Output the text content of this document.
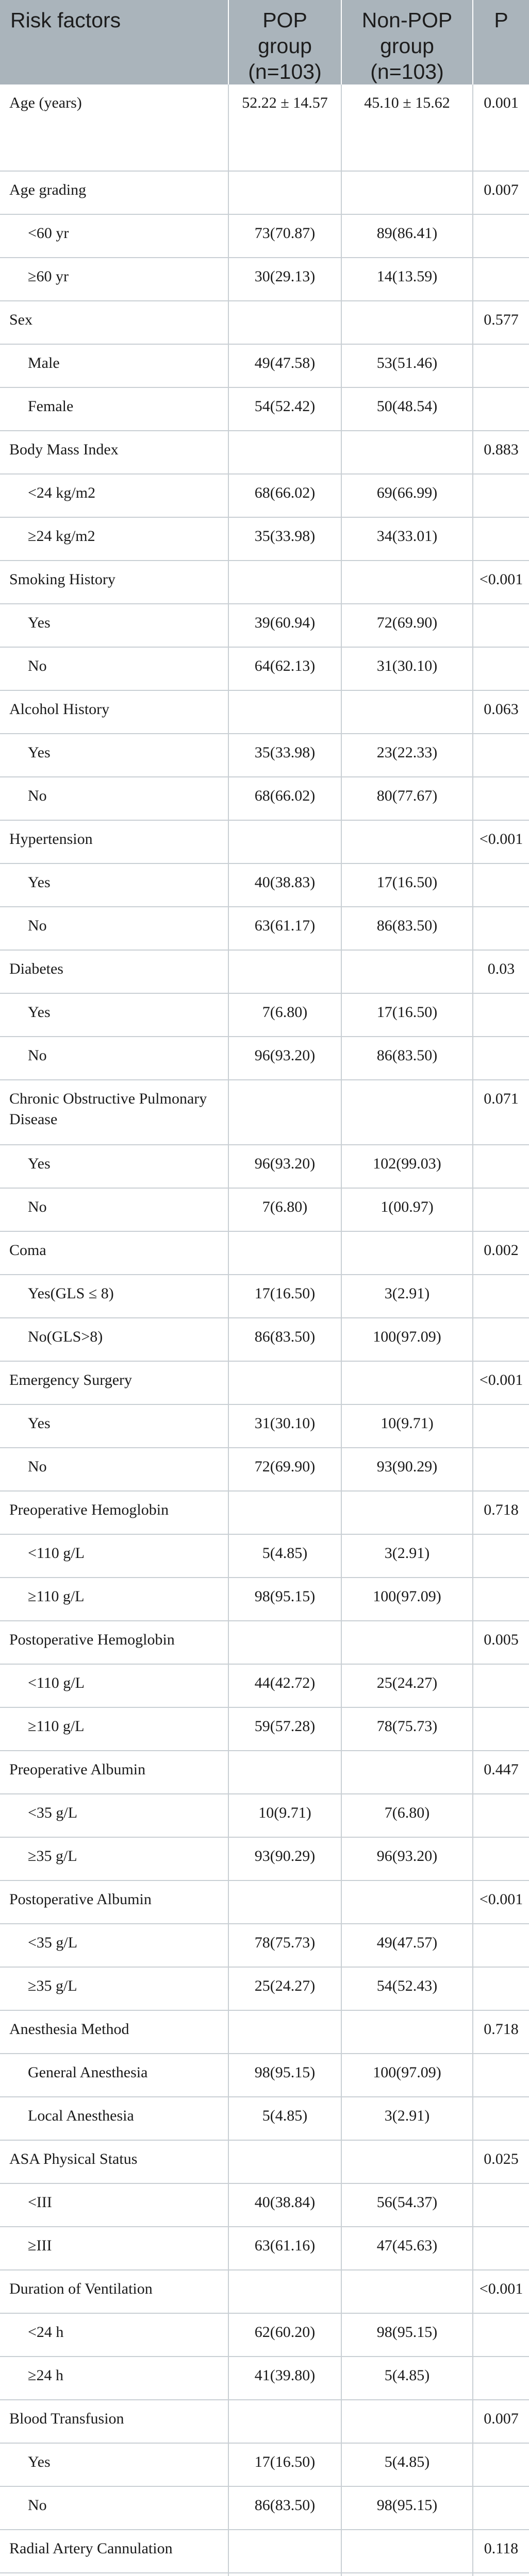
Risk factors	POP group (n=103)	Non-POP group (n=103)	P
Age (years)	52.22 ± 14.57	45.10 ± 15.62	0.001
Age grading			0.007
<60 yr	73(70.87)	89(86.41)	
≥60 yr	30(29.13)	14(13.59)	
Sex			0.577
Male	49(47.58)	53(51.46)	
Female	54(52.42)	50(48.54)	
Body Mass Index			0.883
<24 kg/m2	68(66.02)	69(66.99)	
≥24 kg/m2	35(33.98)	34(33.01)	
Smoking History			<0.001
Yes	39(60.94)	72(69.90)	
No	64(62.13)	31(30.10)	
Alcohol History			0.063
Yes	35(33.98)	23(22.33)	
No	68(66.02)	80(77.67)	
Hypertension			<0.001
Yes	40(38.83)	17(16.50)	
No	63(61.17)	86(83.50)	
Diabetes			0.03
Yes	7(6.80)	17(16.50)	
No	96(93.20)	86(83.50)	
Chronic Obstructive Pulmonary Disease			0.071
Yes	96(93.20)	102(99.03)	
No	7(6.80)	1(00.97)	
Coma			0.002
Yes(GLS ≤ 8)	17(16.50)	3(2.91)	
No(GLS>8)	86(83.50)	100(97.09)	
Emergency Surgery			<0.001
Yes	31(30.10)	10(9.71)	
No	72(69.90)	93(90.29)	
Preoperative Hemoglobin			0.718
<110 g/L	5(4.85)	3(2.91)	
≥110 g/L	98(95.15)	100(97.09)	
Postoperative Hemoglobin			0.005
<110 g/L	44(42.72)	25(24.27)	
≥110 g/L	59(57.28)	78(75.73)	
Preoperative Albumin			0.447
<35 g/L	10(9.71)	7(6.80)	
≥35 g/L	93(90.29)	96(93.20)	
Postoperative Albumin			<0.001
<35 g/L	78(75.73)	49(47.57)	
≥35 g/L	25(24.27)	54(52.43)	
Anesthesia Method			0.718
General Anesthesia	98(95.15)	100(97.09)	
Local Anesthesia	5(4.85)	3(2.91)	
ASA Physical Status			0.025
<III	40(38.84)	56(54.37)	
≥III	63(61.16)	47(45.63)	
Duration of Ventilation			<0.001
<24 h	62(60.20)	98(95.15)	
≥24 h	41(39.80)	5(4.85)	
Blood Transfusion			0.007
Yes	17(16.50)	5(4.85)	
No	86(83.50)	98(95.15)	
Radial Artery Cannulation			0.118
